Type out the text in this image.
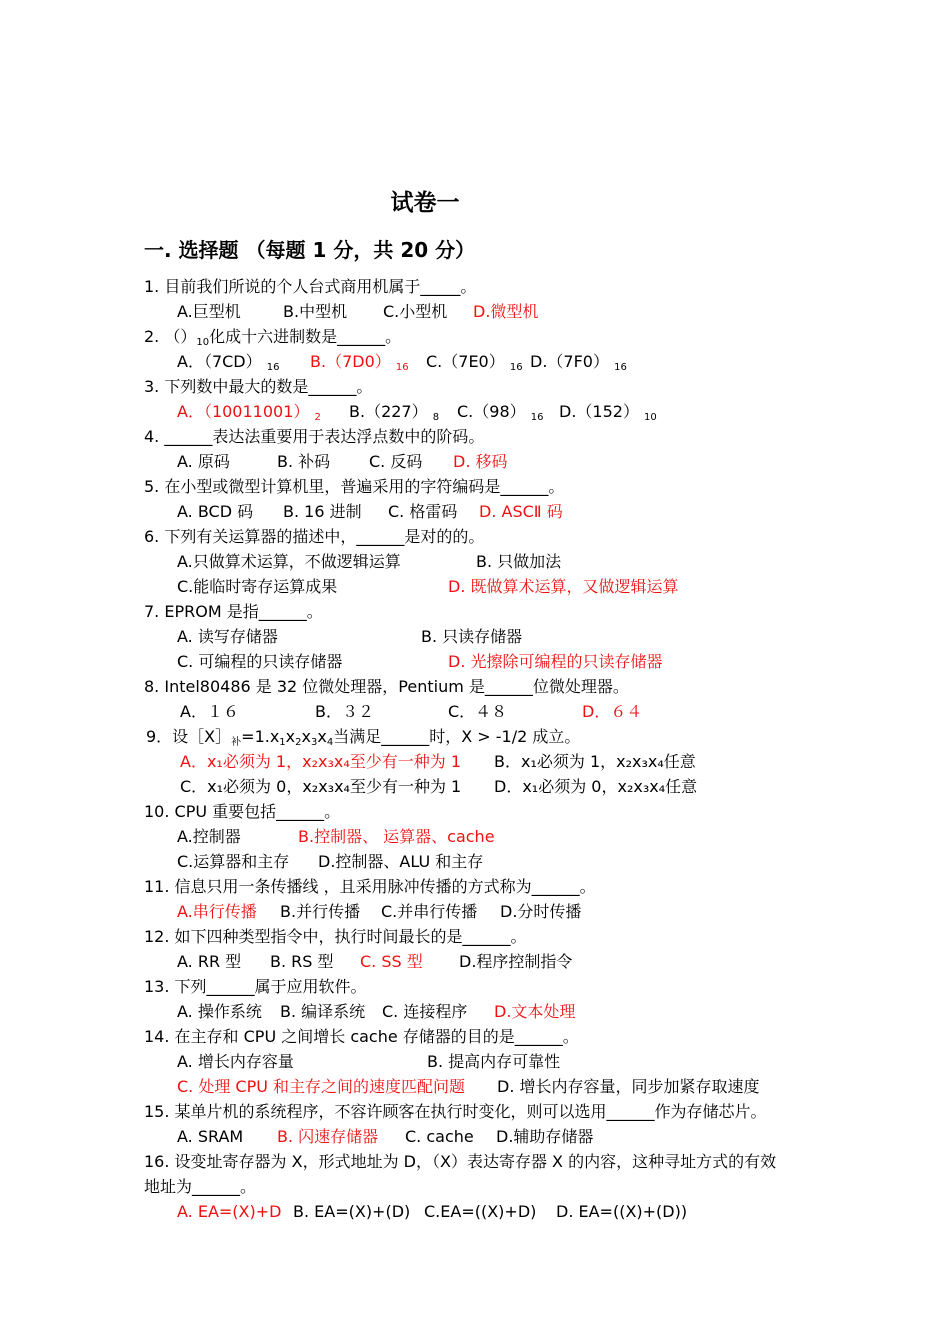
试卷一
一. 选择题 （每题 1 分，共 20 分）
1. 目前我们所说的个人台式商用机属于_____。
A.巨型机	B.中型机 C.小型机 D.微型机
2. $()_{10}$化成十六进制数是______。
A．（7CD） $_{16}$ B.（7D0） $_{16}$ C.（7E0） $_{16}$ D.（7F0） $_{16}$
3. 下列数中最大的数是______。
A．（10011001） $_2$ B.（227） $_8$ C.（98） $_{16}$ D.（152） $_{10}$
4. ______表达法重要用于表达浮点数中的阶码。
A. 原码	B. 补码 C. 反码 D. 移码
5. 在小型或微型计算机里，普遍采用的字符编码是______。
A. BCD 码 B. 16 进制 C. 格雷码 D. ASCⅡ 码
6. 下列有关运算器的描述中，______是对的的。
A.只做算术运算，不做逻辑运算	B. 只做加法
C.能临时寄存运算成果	D. 既做算术运算，又做逻辑运算
7. EPROM 是指______。
A. 读写存储器	B. 只读存储器
C. 可编程的只读存储器	D. 光擦除可编程的只读存储器
8. Intel80486 是 32 位微处理器，Pentium 是______位微处理器。
A．１６	B．３２	C．４８	D．６４
9．设$[X]_补=1.x_1x_2x_3x_4$当满足______时，X > -1/2 成立。
A．x₁必须为 1，x₂x₃x₄至少有一种为 1 B．x₁必须为 1，x₂x₃x₄任意
C．x₁必须为 0，x₂x₃x₄至少有一种为 1 D．x₁必须为 0，x₂x₃x₄任意
10. CPU 重要包括______。
A.控制器	B.控制器、 运算器、cache
C.运算器和主存 D.控制器、ALU 和主存
11. 信息只用一条传播线 ，且采用脉冲传播的方式称为______。
A.串行传播 B.并行传播 C.并串行传播 D.分时传播
12. 如下四种类型指令中，执行时间最长的是______。
A. RR 型 B. RS 型 C. SS 型 D.程序控制指令
13. 下列______属于应用软件。
A. 操作系统 B. 编译系统 C. 连接程序 D.文本处理
14. 在主存和 CPU 之间增长 cache 存储器的目的是______。
A. 增长内存容量	B. 提高内存可靠性
C. 处理 CPU 和主存之间的速度匹配问题 D. 增长内存容量，同步加紧存取速度
15. 某单片机的系统程序，不容许顾客在执行时变化，则可以选用______作为存储芯片。
A. SRAM B. 闪速存储器 C. cache D.辅助存储器
16. 设变址寄存器为 X，形式地址为 D，（X）表达寄存器 X 的内容，这种寻址方式的有效
地址为______。
A. EA=(X)+D B. EA=(X)+(D) C.EA=((X)+D) D. EA=((X)+(D))
